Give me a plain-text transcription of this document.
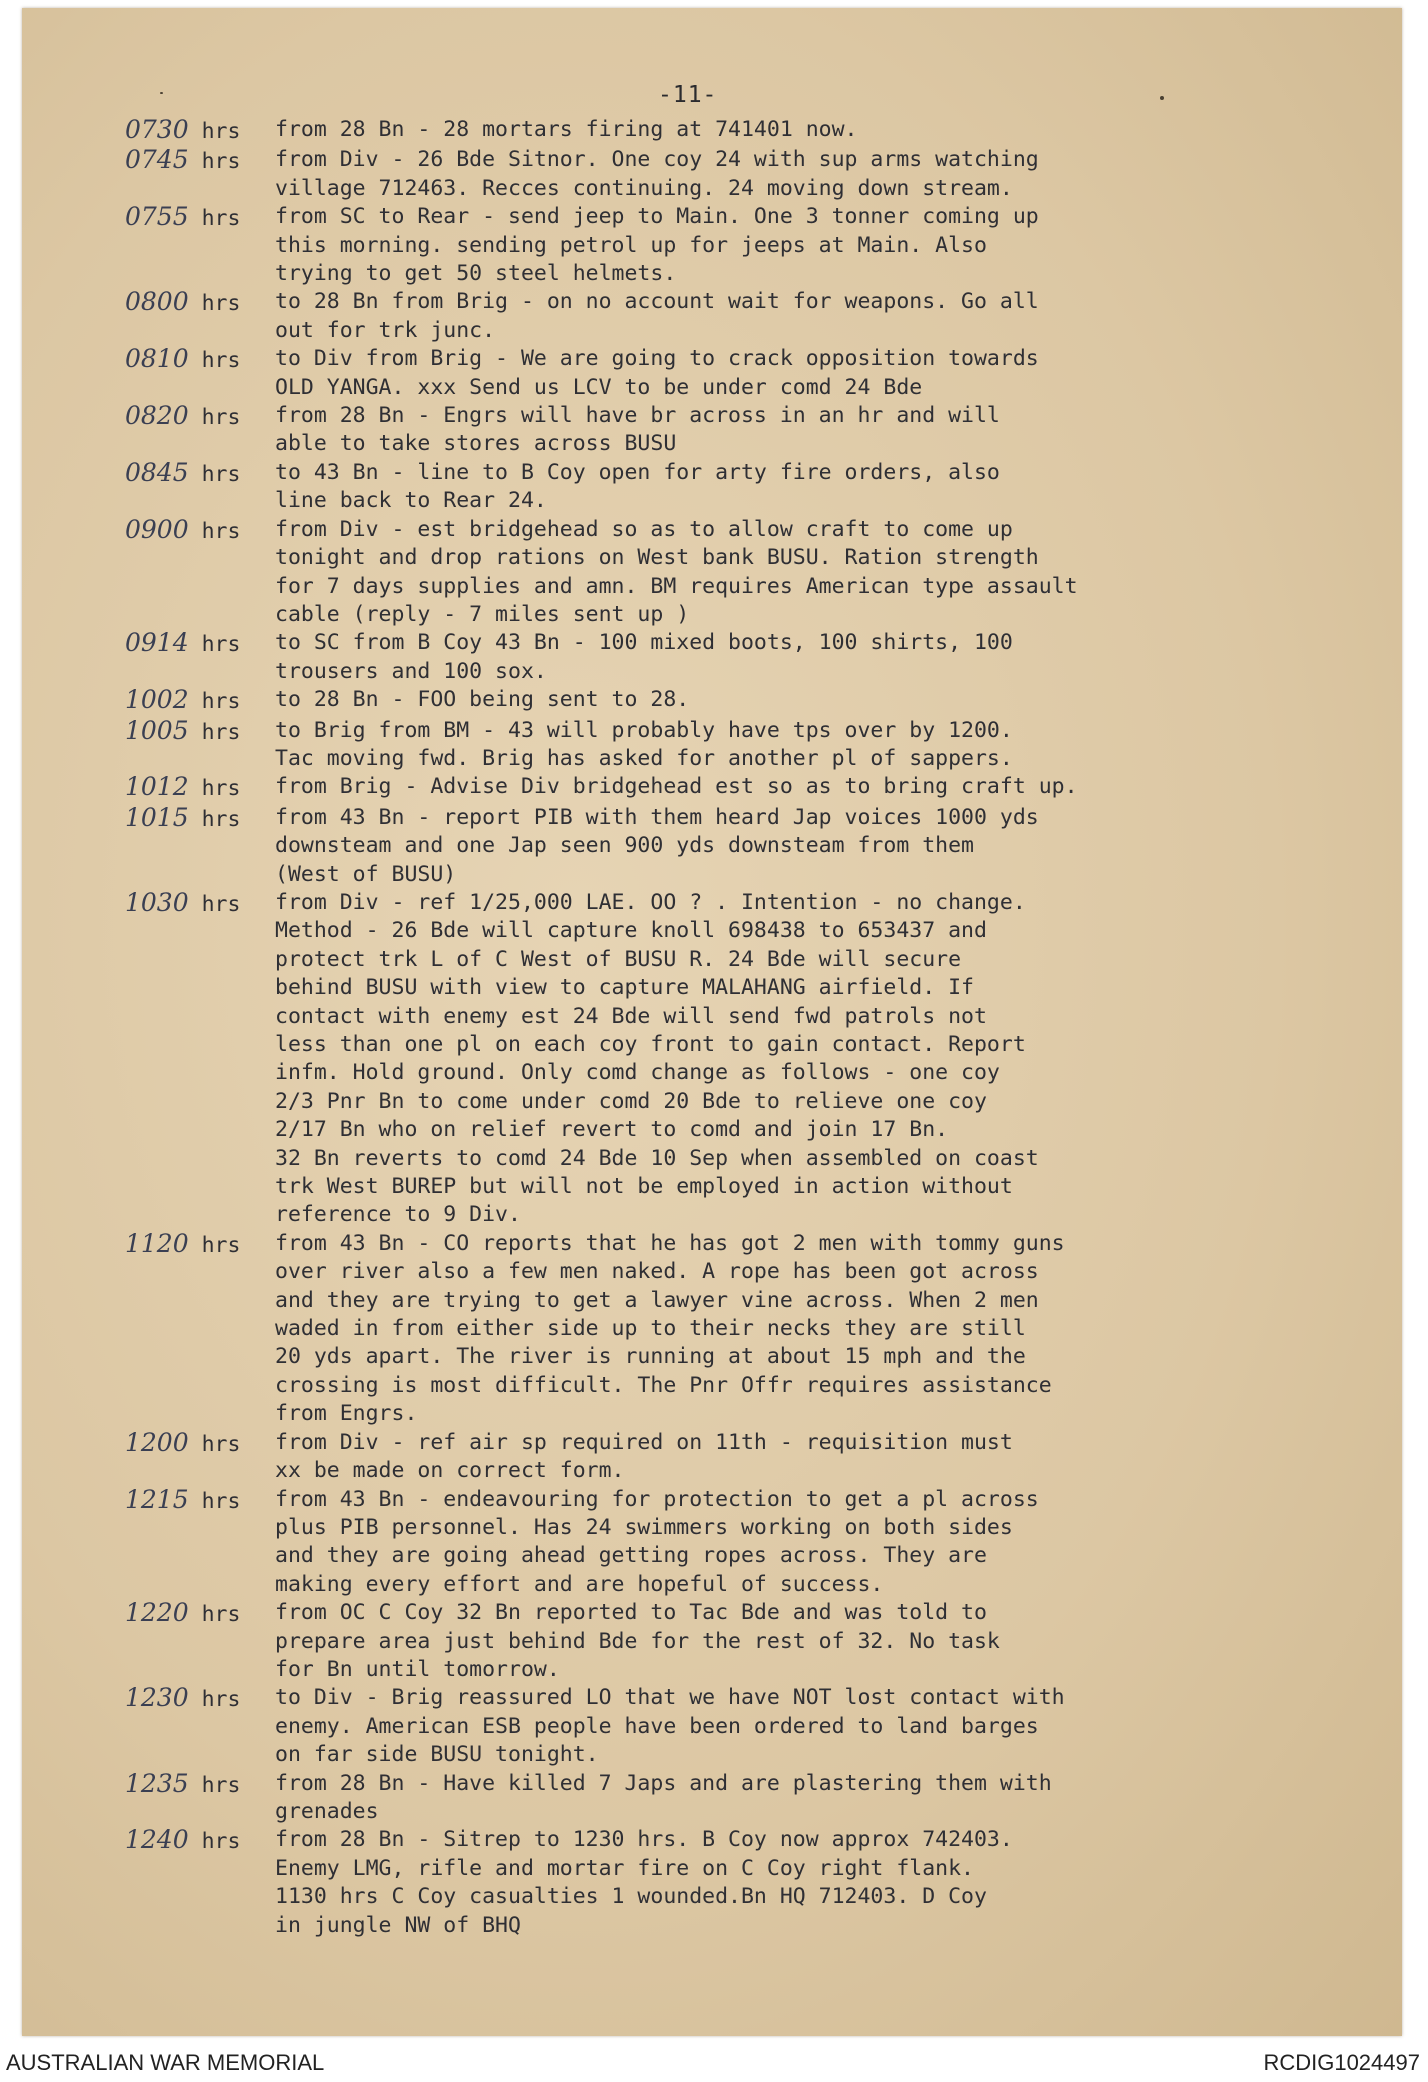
-11-
0730 hrs	from 28 Bn - 28 mortars firing at 741401 now.
0745 hrs	from Div - 26 Bde Sitnor. One coy 24 with sup arms watching
village 712463. Recces continuing. 24 moving down stream.
0755 hrs	from SC to Rear - send jeep to Main. One 3 tonner coming up
this morning. sending petrol up for jeeps at Main. Also
trying to get 50 steel helmets.
0800 hrs	to 28 Bn from Brig - on no account wait for weapons. Go all
out for trk junc.
0810 hrs	to Div from Brig - We are going to crack opposition towards
OLD YANGA. xxx Send us LCV to be under comd 24 Bde
0820 hrs	from 28 Bn - Engrs will have br across in an hr and will
able to take stores across BUSU
0845 hrs	to 43 Bn - line to B Coy open for arty fire orders, also
line back to Rear 24.
0900 hrs	from Div - est bridgehead so as to allow craft to come up
tonight and drop rations on West bank BUSU. Ration strength
for 7 days supplies and amn. BM requires American type assault
cable (reply - 7 miles sent up )
0914 hrs	to SC from B Coy 43 Bn - 100 mixed boots, 100 shirts, 100
trousers and 100 sox.
1002 hrs	to 28 Bn - FOO being sent to 28.
1005 hrs	to Brig from BM - 43 will probably have tps over by 1200.
Tac moving fwd. Brig has asked for another pl of sappers.
1012 hrs	from Brig - Advise Div bridgehead est so as to bring craft up.
1015 hrs	from 43 Bn - report PIB with them heard Jap voices 1000 yds
downsteam and one Jap seen 900 yds downsteam from them
(West of BUSU)
1030 hrs	from Div - ref 1/25,000 LAE. OO ? . Intention - no change.
Method - 26 Bde will capture knoll 698438 to 653437 and
protect trk L of C West of BUSU R. 24 Bde will secure
behind BUSU with view to capture MALAHANG airfield. If
contact with enemy est 24 Bde will send fwd patrols not
less than one pl on each coy front to gain contact. Report
infm. Hold ground. Only comd change as follows - one coy
2/3 Pnr Bn to come under comd 20 Bde to relieve one coy
2/17 Bn who on relief revert to comd and join 17 Bn.
32 Bn reverts to comd 24 Bde 10 Sep when assembled on coast
trk West BUREP but will not be employed in action without
reference to 9 Div.
1120 hrs	from 43 Bn - CO reports that he has got 2 men with tommy guns
over river also a few men naked. A rope has been got across
and they are trying to get a lawyer vine across. When 2 men
waded in from either side up to their necks they are still
20 yds apart. The river is running at about 15 mph and the
crossing is most difficult. The Pnr Offr requires assistance
from Engrs.
1200 hrs	from Div - ref air sp required on 11th - requisition must
xx be made on correct form.
1215 hrs	from 43 Bn - endeavouring for protection to get a pl across
plus PIB personnel. Has 24 swimmers working on both sides
and they are going ahead getting ropes across. They are
making every effort and are hopeful of success.
1220 hrs	from OC C Coy 32 Bn reported to Tac Bde and was told to
prepare area just behind Bde for the rest of 32. No task
for Bn until tomorrow.
1230 hrs	to Div - Brig reassured LO that we have NOT lost contact with
enemy. American ESB people have been ordered to land barges
on far side BUSU tonight.
1235 hrs	from 28 Bn - Have killed 7 Japs and are plastering them with
grenades
1240 hrs	from 28 Bn - Sitrep to 1230 hrs. B Coy now approx 742403.
Enemy LMG, rifle and mortar fire on C Coy right flank.
1130 hrs C Coy casualties 1 wounded.Bn HQ 712403. D Coy
in jungle NW of BHQ
AUSTRALIAN WAR MEMORIAL	RCDIG1024497
